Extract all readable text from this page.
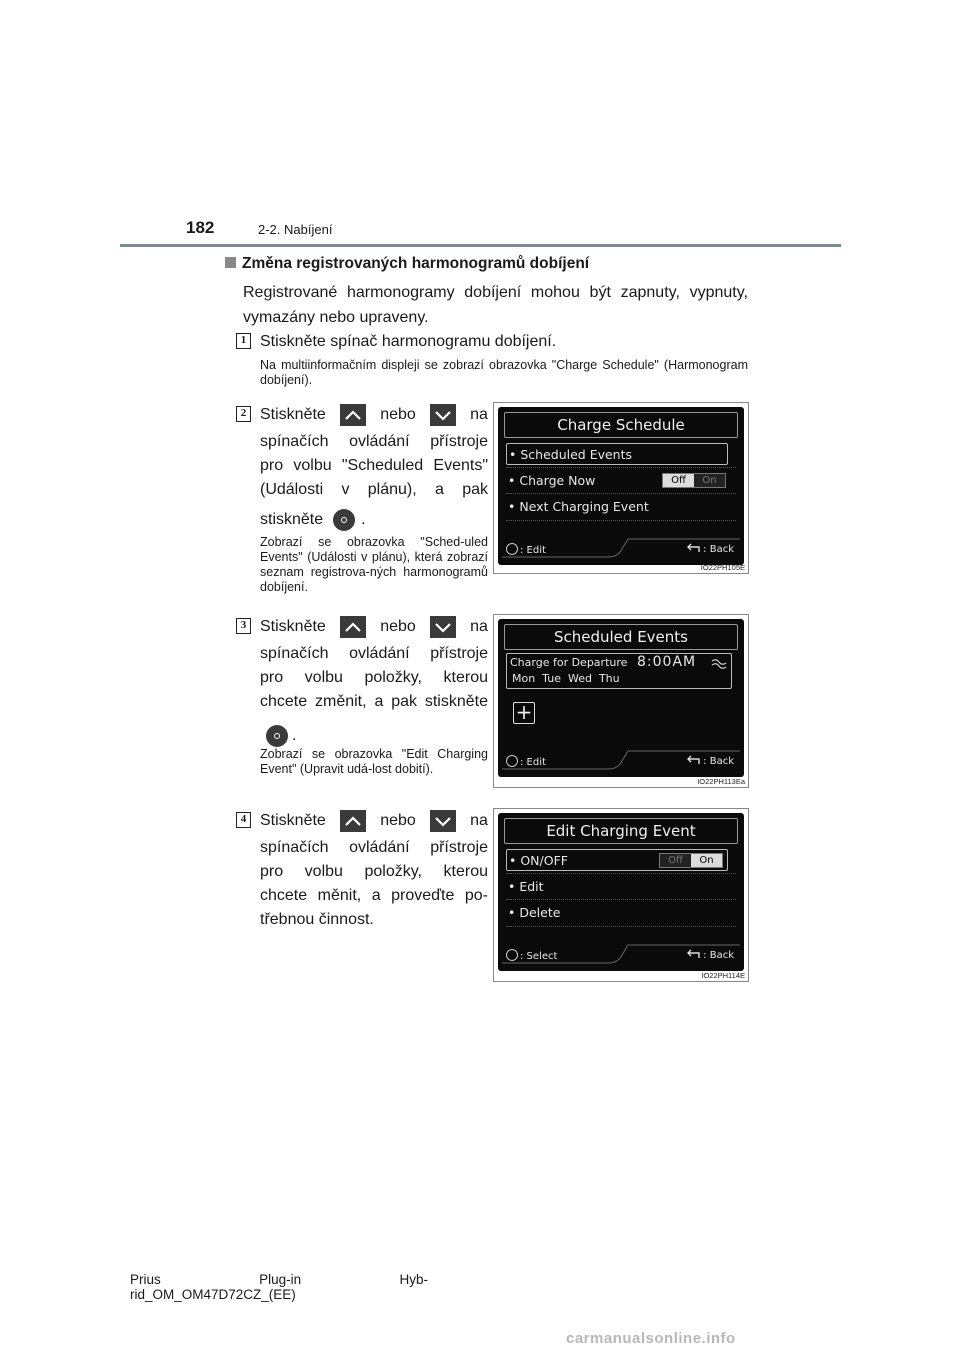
182	2-2. Nabíjení
Změna registrovaných harmonogramů dobíjení
Registrované harmonogramy dobíjení mohou být zapnuty, vypnuty, vymazány nebo upraveny.
1 Stiskněte spínač harmonogramu dobíjení.
Na multiinformačním displeji se zobrazí obrazovka "Charge Schedule" (Harmonogram dobíjení).
2 Stiskněte	nebo	na
spínačích ovládání přístroje
pro volbu "Scheduled Events"
(Události v plánu), a pak
stiskněte .
Zobrazí se obrazovka "Sched-uled Events" (Události v plánu), která zobrazí seznam registrova-ných harmonogramů dobíjení.
Charge Schedule
• Scheduled Events
• Charge Now	Off On
• Next Charging Event
: Edit	: Back
IO22PH105E
3 Stiskněte	nebo	na
spínačích ovládání přístroje
pro volbu položky, kterou
chcete změnit, a pak stiskněte
.
Zobrazí se obrazovka "Edit Charging Event" (Upravit udá-lost dobití).
Scheduled Events
Charge for Departure 8:00AM
Mon  Tue  Wed  Thu
+
: Edit	: Back
IO22PH113Ea
4 Stiskněte	nebo	na
spínačích ovládání přístroje
pro volbu položky, kterou
chcete měnit, a proveďte po-
třebnou činnost.
Edit Charging Event
• ON/OFF	Off On
• Edit
• Delete
: Select	: Back
IO22PH114E
Prius	Plug-in	Hyb-
rid_OM_OM47D72CZ_(EE)
carmanualsonline.info
